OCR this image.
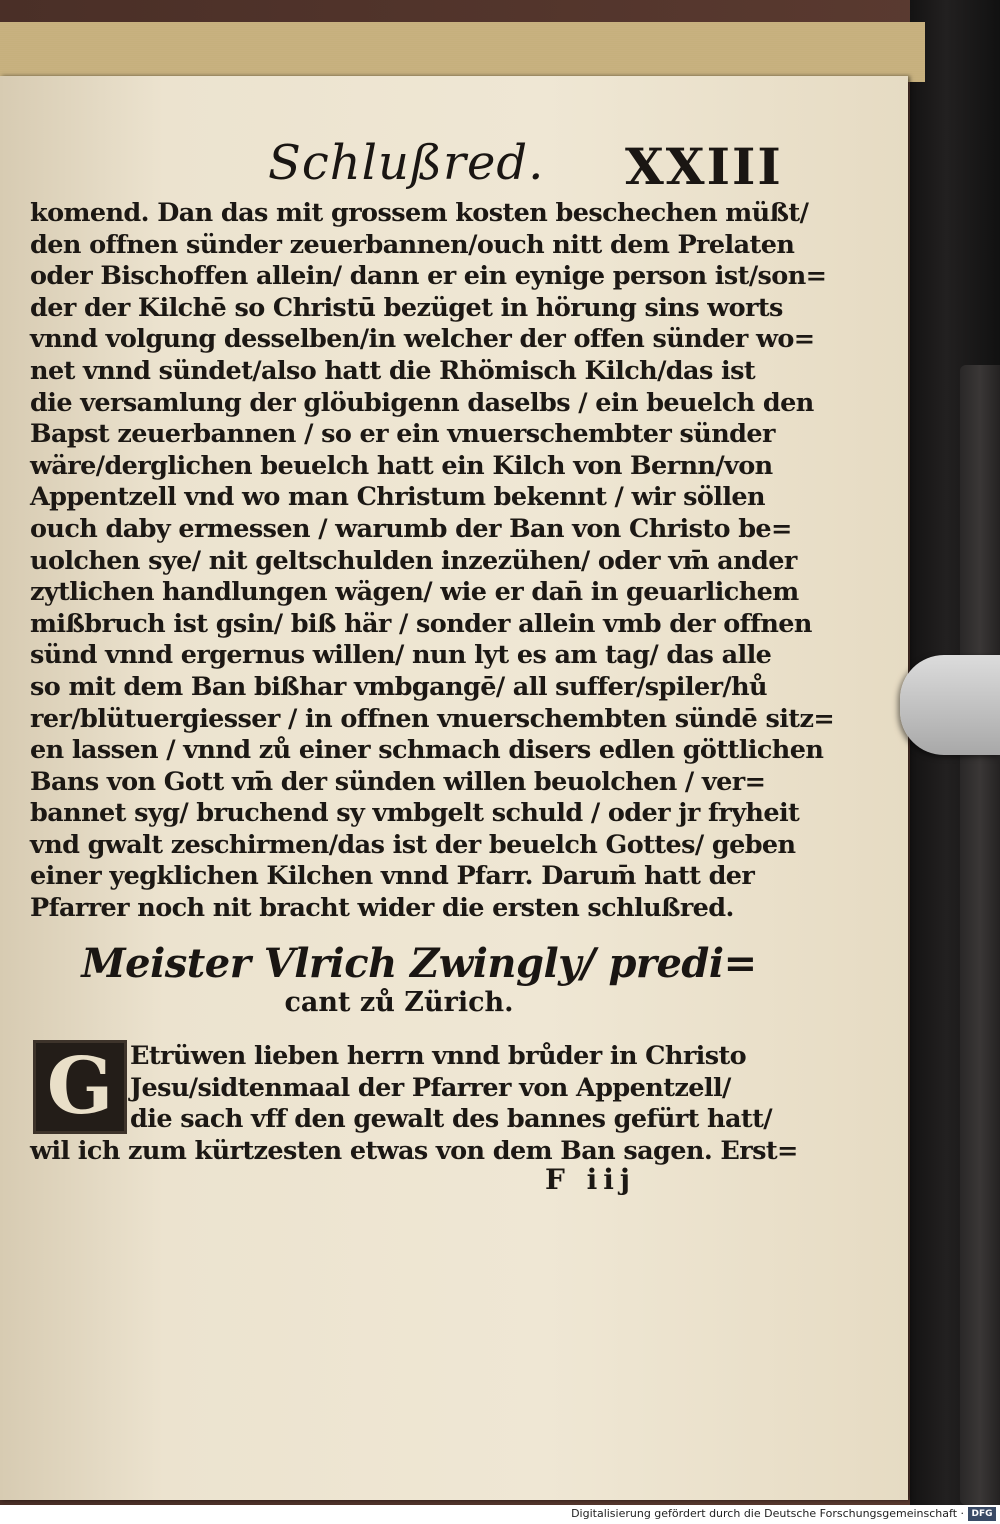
Schlußred. XXIII
komend. Dan das mit grossem kosten beschechen müßt/
den offnen sünder zeuerbannen/ouch nitt dem Prelaten
oder Bischoffen allein/ dann er ein eynige person ist/son=
der der Kilchē so Christū bezüget in hörung sins worts
vnnd volgung desselben/in welcher der offen sünder wo=
net vnnd sündet/also hatt die Rhömisch Kilch/das ist
die versamlung der glöubigenn daselbs / ein beuelch den
Bapst zeuerbannen / so er ein vnuerschembter sünder
wäre/derglichen beuelch hatt ein Kilch von Bernn/von
Appentzell vnd wo man Christum bekennt / wir söllen
ouch daby ermessen / warumb der Ban von Christo be=
uolchen sye/ nit geltschulden inzezühen/ oder vm̄ ander
zytlichen handlungen wägen/ wie er dan̄ in geuarlichem
mißbruch ist gsin/ biß här / sonder allein vmb der offnen
sünd vnnd ergernus willen/ nun lyt es am tag/ das alle
so mit dem Ban bißhar vmbgangē/ all suffer/spiler/hů
rer/blütuergiesser / in offnen vnuerschembten sündē sitz=
en lassen / vnnd zů einer schmach disers edlen göttlichen
Bans von Gott vm̄ der sünden willen beuolchen / ver=
bannet syg/ bruchend sy vmbgelt schuld / oder jr fryheit
vnd gwalt zeschirmen/das ist der beuelch Gottes/ geben
einer yegklichen Kilchen vnnd Pfarr. Darum̄ hatt der
Pfarrer noch nit bracht wider die ersten schlußred.
Meister Vlrich Zwingly/ predi=
cant zů Zürich.
G Etrüwen lieben herrn vnnd brůder in Christo
Jesu/sidtenmaal der Pfarrer von Appentzell/
die sach vff den gewalt des bannes gefürt hatt/
wil ich zum kürtzesten etwas von dem Ban sagen. Erst=
F iij
Digitalisierung gefördert durch die Deutsche Forschungsgemeinschaft · DFG
